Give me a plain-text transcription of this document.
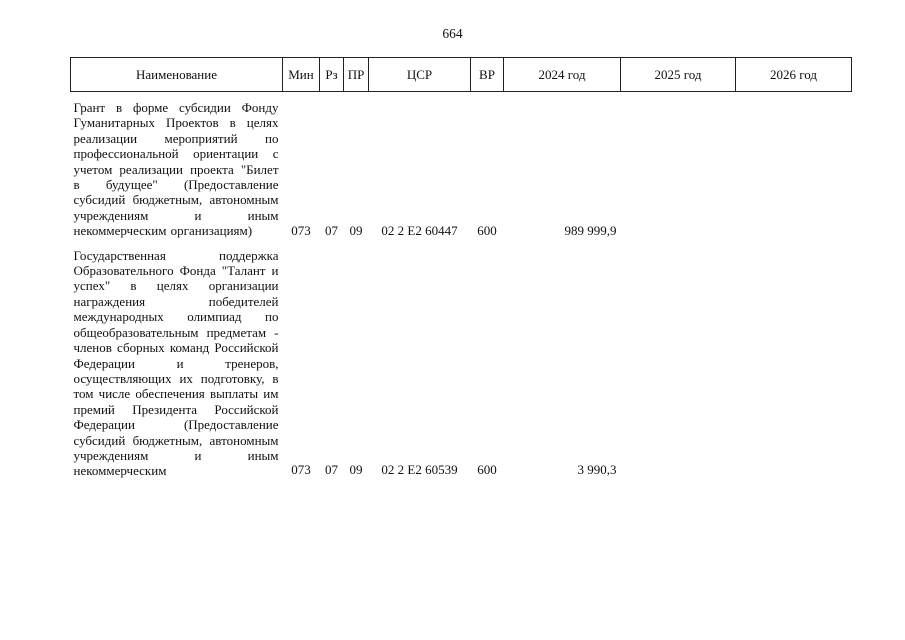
664
Наименование	Мин	Рз	ПР	ЦСР	ВР	2024 год	2025 год	2026 год
Грант в форме субсидии Фонду Гуманитарных Проектов в целях реализации мероприятий по профессиональной ориентации с учетом реализации проекта "Билет в будущее" (Предоставление субсидий бюджетным, автономным учреждениям и иным некоммерческим организациям)	073	07	09	02 2 Е2 60447	600	989 999,9		
Государственная поддержка Образовательного Фонда "Талант и успех" в целях организации награждения победителей международных олимпиад по общеобразовательным предметам - членов сборных команд Российской Федерации и тренеров, осуществляющих их подготовку, в том числе обеспечения выплаты им премий Президента Российской Федерации (Предоставление субсидий бюджетным, автономным учреждениям и иным некоммерческим	073	07	09	02 2 Е2 60539	600	3 990,3		
